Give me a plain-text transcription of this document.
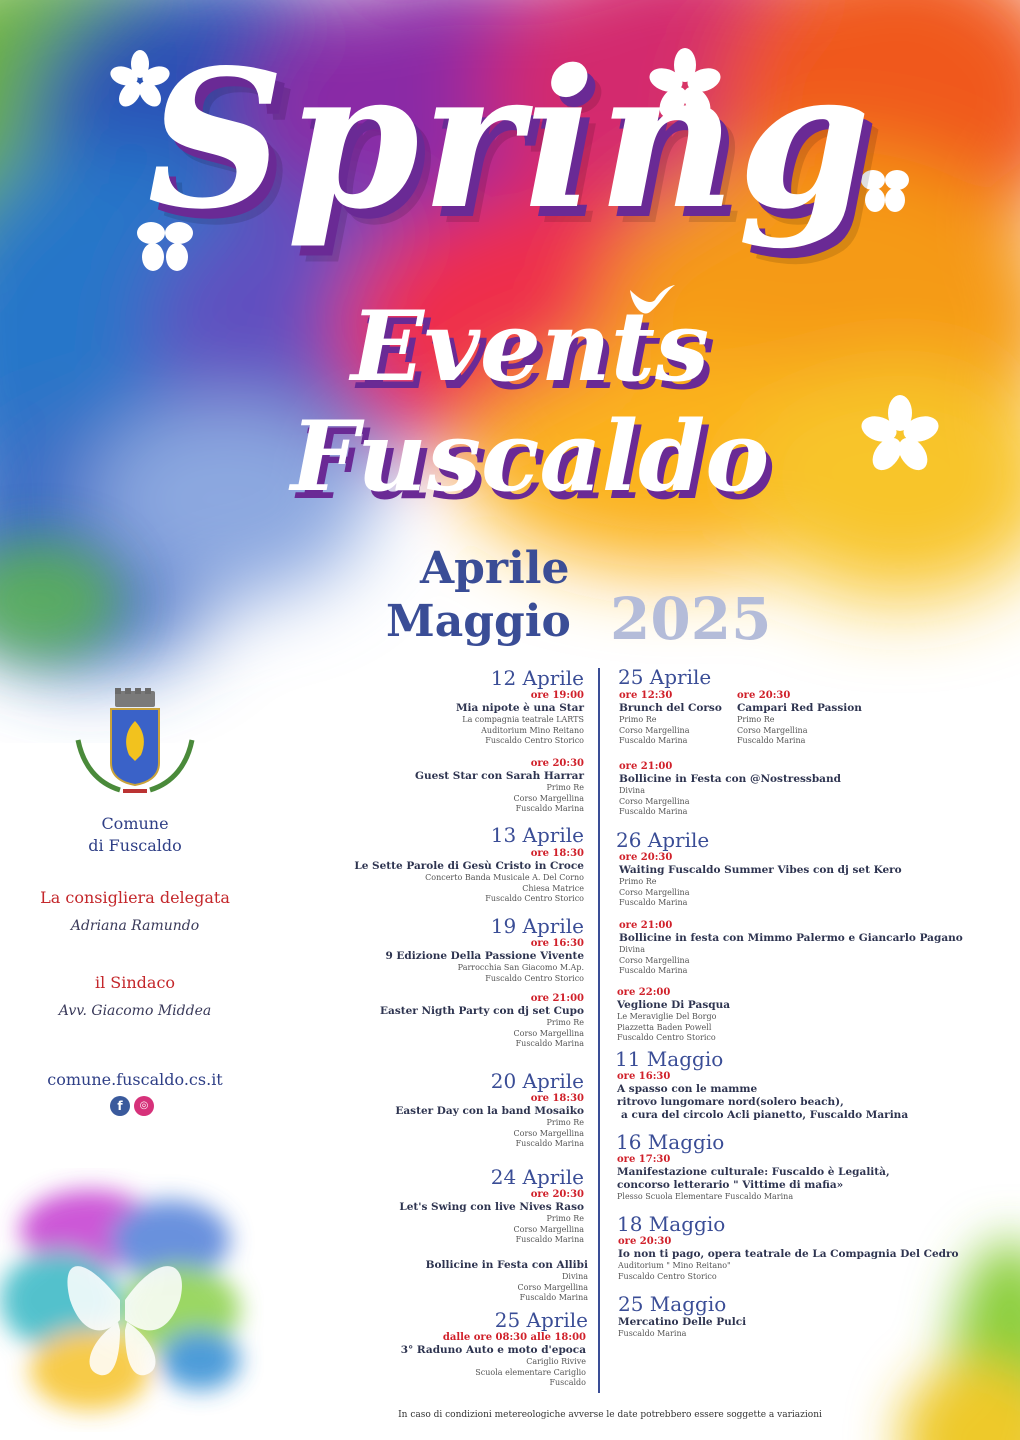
Spring
Events Fuscaldo
Aprile
Maggio 2025
12 Aprile
ore 19:00
Mia nipote è una Star
La compagnia teatrale LARTS
Auditorium Mino Reitano
Fuscaldo Centro Storico
ore 20:30
Guest Star con Sarah Harrar
Primo Re
Corso Margellina
Fuscaldo Marina
13 Aprile
ore 18:30
Le Sette Parole di Gesù Cristo in Croce
Concerto Banda Musicale A. Del Corno
Chiesa Matrice
Fuscaldo Centro Storico
19 Aprile
ore 16:30
9 Edizione Della Passione Vivente
Parrocchia San Giacomo M.Ap.
Fuscaldo Centro Storico
ore 21:00
Easter Nigth Party con dj set Cupo
Primo Re
Corso Margellina
Fuscaldo Marina
20 Aprile
ore 18:30
Easter Day con la band Mosaiko
Primo Re
Corso Margellina
Fuscaldo Marina
24 Aprile
ore 20:30
Let's Swing con live Nives Raso
Primo Re
Corso Margellina
Fuscaldo Marina
Bollicine in Festa con Allibi
Divina
Corso Margellina
Fuscaldo Marina
25 Aprile
dalle ore 08:30 alle 18:00
3° Raduno Auto e moto d'epoca
Cariglio Rivive
Scuola elementare Cariglio
Fuscaldo
25 Aprile
ore 12:30
Brunch del Corso
Primo Re
Corso Margellina
Fuscaldo Marina
ore 20:30
Campari Red Passion
Primo Re
Corso Margellina
Fuscaldo Marina
ore 21:00
Bollicine in Festa con @Nostressband
Divina
Corso Margellina
Fuscaldo Marina
26 Aprile
ore 20:30
Waiting Fuscaldo Summer Vibes con dj set Kero
Primo Re
Corso Margellina
Fuscaldo Marina
ore 21:00
Bollicine in festa con Mimmo Palermo e Giancarlo Pagano
Divina
Corso Margellina
Fuscaldo Marina
ore 22:00
Veglione Di Pasqua
Le Meraviglie Del Borgo
Piazzetta Baden Powell
Fuscaldo Centro Storico
11 Maggio
ore 16:30
A spasso con le mamme
ritrovo lungomare nord(solero beach),
a cura del circolo Acli pianetto, Fuscaldo Marina
16 Maggio
ore 17:30
Manifestazione culturale: Fuscaldo è Legalità,
concorso letterario " Vittime di mafia»
Plesso Scuola Elementare Fuscaldo Marina
18 Maggio
ore 20:30
Io non ti pago, opera teatrale de La Compagnia Del Cedro
Auditorium " Mino Reitano"
Fuscaldo Centro Storico
25 Maggio
Mercatino Delle Pulci
Fuscaldo Marina
Comune
di Fuscaldo
La consigliera delegata
Adriana Ramundo
il Sindaco
Avv. Giacomo Middea
comune.fuscaldo.cs.it
f	◎
In caso di condizioni metereologiche avverse le date potrebbero essere soggette a variazioni
